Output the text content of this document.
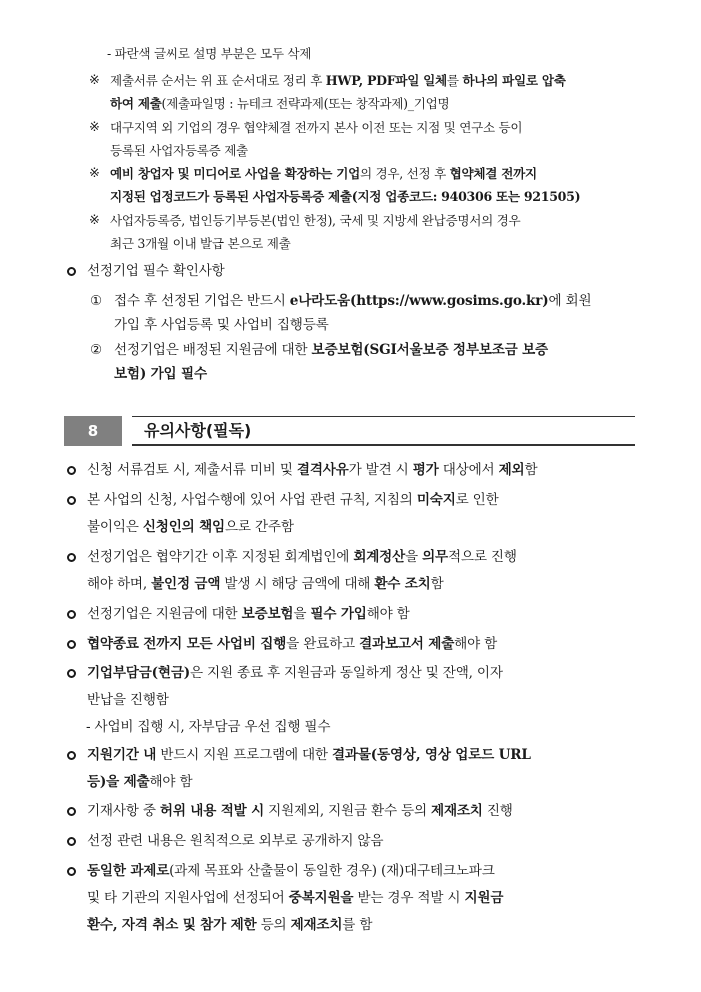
- 파란색 글씨로 설명 부분은 모두 삭제
※ 제출서류 순서는 위 표 순서대로 정리 후 HWP, PDF파일 일체를 하나의 파일로 압축
하여 제출(제출파일명 : 뉴테크 전략과제(또는 창작과제)_기업명
※ 대구지역 외 기업의 경우 협약체결 전까지 본사 이전 또는 지점 및 연구소 등이
등록된 사업자등록증 제출
※ 예비 창업자 및 미디어로 사업을 확장하는 기업의 경우, 선정 후 협약체결 전까지
지정된 업정코드가 등록된 사업자등록증 제출(지정 업종코드: 940306 또는 921505)
※ 사업자등록증, 법인등기부등본(법인 한정), 국세 및 지방세 완납증명서의 경우
최근 3개월 이내 발급 본으로 제출
선정기업 필수 확인사항
① 접수 후 선정된 기업은 반드시 e나라도움(https://www.gosims.go.kr)에 회원
가입 후 사업등록 및 사업비 집행등록
② 선정기업은 배정된 지원금에 대한 보증보험(SGI서울보증 정부보조금 보증
보험) 가입 필수
8	유의사항(필독)
신청 서류검토 시, 제출서류 미비 및 결격사유가 발견 시 평가 대상에서 제외함
본 사업의 신청, 사업수행에 있어 사업 관련 규칙, 지침의 미숙지로 인한
불이익은 신청인의 책임으로 간주함
선정기업은 협약기간 이후 지정된 회계법인에 회계정산을 의무적으로 진행
해야 하며, 불인정 금액 발생 시 해당 금액에 대해 환수 조치함
선정기업은 지원금에 대한 보증보험을 필수 가입해야 함
협약종료 전까지 모든 사업비 집행을 완료하고 결과보고서 제출해야 함
기업부담금(현금)은 지원 종료 후 지원금과 동일하게 정산 및 잔액, 이자
반납을 진행함
- 사업비 집행 시, 자부담금 우선 집행 필수
지원기간 내 반드시 지원 프로그램에 대한 결과물(동영상, 영상 업로드 URL
등)을 제출해야 함
기재사항 중 허위 내용 적발 시 지원제외, 지원금 환수 등의 제재조치 진행
선정 관련 내용은 원칙적으로 외부로 공개하지 않음
동일한 과제로(과제 목표와 산출물이 동일한 경우) (재)대구테크노파크
및 타 기관의 지원사업에 선정되어 중복지원을 받는 경우 적발 시 지원금
환수, 자격 취소 및 참가 제한 등의 제재조치를 함
